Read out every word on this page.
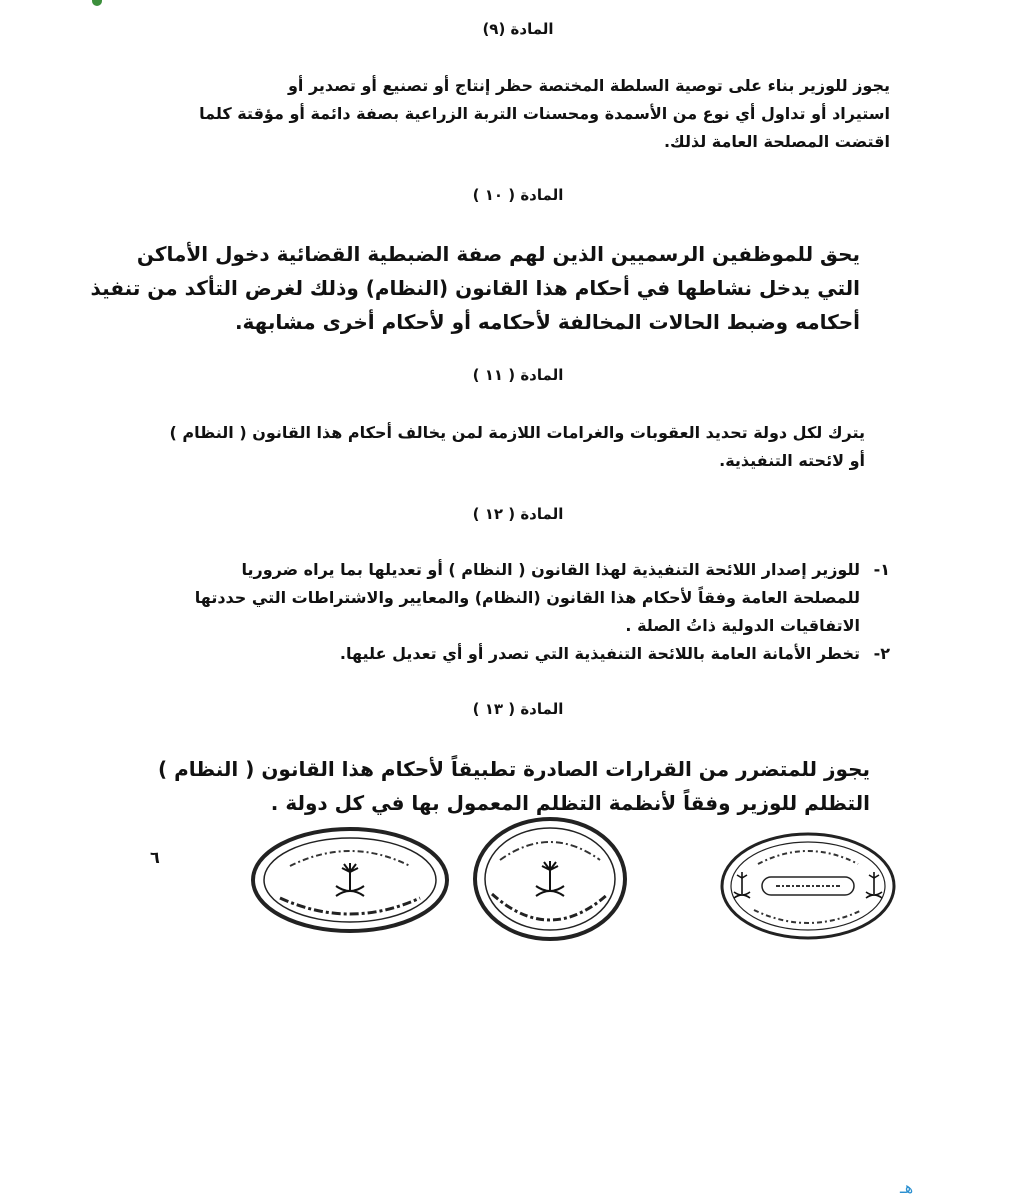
المادة (٩)
يجوز للوزير بناء على توصية السلطة المختصة حظر إنتاج أو تصنيع أو تصدير أو
استيراد أو تداول أي نوع من الأسمدة ومحسنات التربة الزراعية بصفة دائمة أو مؤقتة كلما
اقتضت المصلحة العامة لذلك.
المادة ( ١٠ )
يحق للموظفين الرسميين الذين لهم صفة الضبطية القضائية دخول الأماكن
التي يدخل نشاطها في أحكام هذا القانون (النظام) وذلك لغرض التأكد من تنفيذ
أحكامه وضبط الحالات المخالفة لأحكامه أو لأحكام أخرى مشابهة.
المادة ( ١١ )
يترك لكل دولة تحديد العقوبات والغرامات اللازمة لمن يخالف أحكام هذا القانون ( النظام )
أو لائحته التنفيذية.
المادة ( ١٢ )
١-للوزير إصدار اللائحة التنفيذية لهذا القانون ( النظام ) أو تعديلها بما يراه ضروريا
للمصلحة العامة وفقاً لأحكام هذا القانون (النظام) والمعايير والاشتراطات التي حددتها
الاتفاقيات الدولية ذاتُ الصلة .
٢-تخطر الأمانة العامة باللائحة التنفيذية التي تصدر أو أي تعديل عليها.
المادة ( ١٣ )
يجوز للمتضرر من القرارات الصادرة تطبيقاً لأحكام هذا القانون ( النظام )
التظلم للوزير وفقاً لأنظمة التظلم المعمول بها في كل دولة .
٦
هـ
